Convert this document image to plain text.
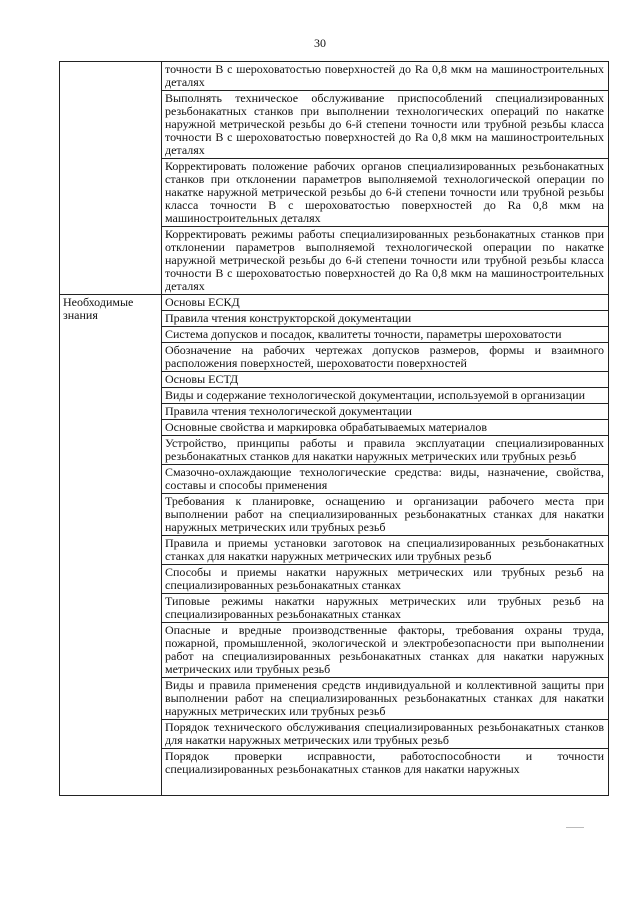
30
	точности В с шероховатостью поверхностей до Ra 0,8 мкм на машиностроительных деталях
	Выполнять техническое обслуживание приспособлений специализированных резьбонакатных станков при выполнении технологических операций по накатке наружной метрической резьбы до 6-й степени точности или трубной резьбы класса точности В с шероховатостью поверхностей до Ra 0,8 мкм на машиностроительных деталях
	Корректировать положение рабочих органов специализированных резьбонакатных станков при отклонении параметров выполняемой технологической операции по накатке наружной метрической резьбы до 6-й степени точности или трубной резьбы класса точности В с шероховатостью поверхностей до Ra 0,8 мкм на машиностроительных деталях
	Корректировать режимы работы специализированных резьбонакатных станков при отклонении параметров выполняемой технологической операции по накатке наружной метрической резьбы до 6-й степени точности или трубной резьбы класса точности В с шероховатостью поверхностей до Ra 0,8 мкм на машиностроительных деталях
Необходимые знания	Основы ЕСКД
	Правила чтения конструкторской документации
	Система допусков и посадок, квалитеты точности, параметры шероховатости
	Обозначение на рабочих чертежах допусков размеров, формы и взаимного расположения поверхностей, шероховатости поверхностей
	Основы ЕСТД
	Виды и содержание технологической документации, используемой в организации
	Правила чтения технологической документации
	Основные свойства и маркировка обрабатываемых материалов
	Устройство, принципы работы и правила эксплуатации специализированных резьбонакатных станков для накатки наружных метрических или трубных резьб
	Смазочно-охлаждающие технологические средства: виды, назначение, свойства, составы и способы применения
	Требования к планировке, оснащению и организации рабочего места при выполнении работ на специализированных резьбонакатных станках для накатки наружных метрических или трубных резьб
	Правила и приемы установки заготовок на специализированных резьбонакатных станках для накатки наружных метрических или трубных резьб
	Способы и приемы накатки наружных метрических или трубных резьб на специализированных резьбонакатных станках
	Типовые режимы накатки наружных метрических или трубных резьб на специализированных резьбонакатных станках
	Опасные и вредные производственные факторы, требования охраны труда, пожарной, промышленной, экологической и электробезопасности при выполнении работ на специализированных резьбонакатных станках для накатки наружных метрических или трубных резьб
	Виды и правила применения средств индивидуальной и коллективной защиты при выполнении работ на специализированных резьбонакатных станках для накатки наружных метрических или трубных резьб
	Порядок технического обслуживания специализированных резьбонакатных станков для накатки наружных метрических или трубных резьб
	Порядок проверки исправности, работоспособности и точности специализированных резьбонакатных станков для накатки наружных
